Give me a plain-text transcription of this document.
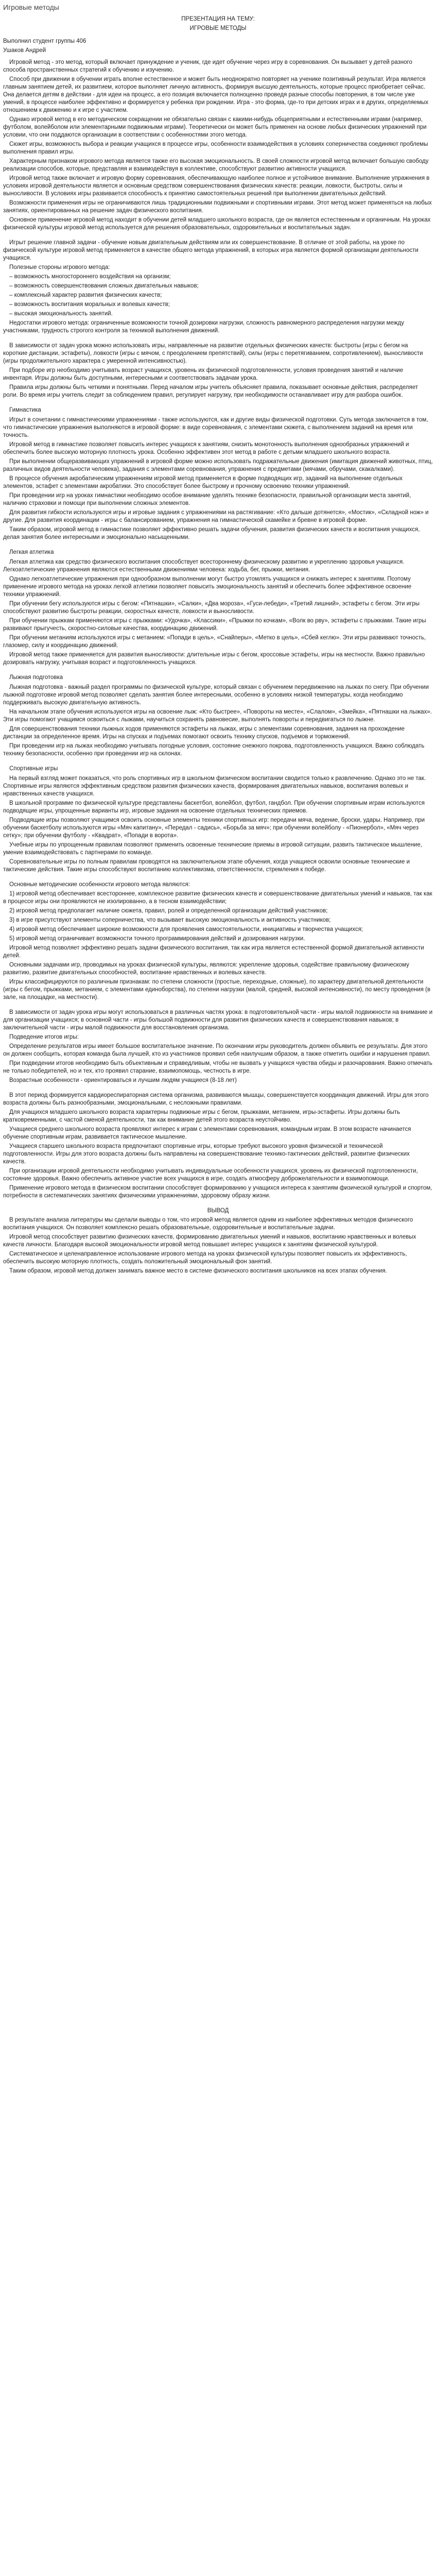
Игровые методы

ПРЕЗЕНТАЦИЯ НА ТЕМУ:

ИГРОВЫЕ МЕТОДЫ

Выполнил студент группы 406

Ушаков Андрей

Игровой метод - это метод, который включает принуждение и ученик, где идет обучение через игру в соревнования. Он вызывает у детей разного способа пространственных стратегий к обучению и изучению.

Способ при движении в обучении играть вполне естественное и может быть неоднократно повторяет на ученике позитивный результат. Игра является главным занятием детей, их развитием, которое выполняет личную активность, формируя высшую деятельность, которые процесс приобретает сейчас. Она делается детям в действии - для идеи на процесс, а его позиция включается полноценно проведя разные способы повторения, в том числе уже умений, в процессе наиболее эффективно и формируется у ребенка при рождении. Игра - это форма, где-то при детских играх и в других, определяемых отношением к движению и к игре с участием.

Однако игровой метод в его методическом сокращении не обязательно связан с какими-нибудь общеприятными и естественными играми (например, футболом, волейболом или элементарными подвижными играми). Теоретически он может быть применен на основе любых физических упражнений при условии, что они поддаются организации в соответствии с особенностями этого метода.

Сюжет игры, возможность выбора и реакции учащихся в процессе игры, особенности взаимодействия в условиях соперничества соединяют проблемы выполнения правил игры.

Характерным признаком игрового метода является также его высокая эмоциональность. В своей сложности игровой метод включает большую свободу реализации способов, которые, представляя и взаимодействуя в коллективе, способствуют развитию активности учащихся.

Игровой метод также включает и игровую форму соревнования, обеспечивающую наиболее полное и устойчивое внимание. Выполнение упражнения в условиях игровой деятельности является и основным средством совершенствования физических качеств: реакции, ловкости, быстроты, силы и выносливости. В условиях игры развивается способность к принятию самостоятельных решений при выполнении двигательных действий.

Возможности применения игры не ограничиваются лишь традиционными подвижными и спортивными играми. Этот метод может применяться на любых занятиях, ориентированных на решение задач физического воспитания.

Основное применение игровой метод находит в обучении детей младшего школьного возраста, где он является естественным и органичным. На уроках физической культуры игровой метод используется для решения образовательных, оздоровительных и воспитательных задач.

Игрыт решение главной задачи - обучение новым двигательным действиям или их совершенствование. В отличие от этой работы, на уроке по физической культуре игровой метод применяется в качестве общего метода упражнений, в которых игра является формой организации деятельности учащихся.

Полезные стороны игрового метода:

– возможность многостороннего воздействия на организм;

– возможность совершенствования сложных двигательных навыков;

– комплексный характер развития физических качеств;

– возможность воспитания моральных и волевых качеств;

– высокая эмоциональность занятий.

Недостатки игрового метода: ограниченные возможности точной дозировки нагрузки, сложность равномерного распределения нагрузки между участниками, трудность строгого контроля за техникой выполнения движений.

В зависимости от задач урока можно использовать игры, направленные на развитие отдельных физических качеств: быстроты (игры с бегом на короткие дистанции, эстафеты), ловкости (игры с мячом, с преодолением препятствий), силы (игры с перетягиванием, сопротивлением), выносливости (игры продолжительного характера с умеренной интенсивностью).

При подборе игр необходимо учитывать возраст учащихся, уровень их физической подготовленности, условия проведения занятий и наличие инвентаря. Игры должны быть доступными, интересными и соответствовать задачам урока.

Правила игры должны быть четкими и понятными. Перед началом игры учитель объясняет правила, показывает основные действия, распределяет роли. Во время игры учитель следит за соблюдением правил, регулирует нагрузку, при необходимости останавливает игру для разбора ошибок.

Гимнастика

Игрыт в сочетании с гимнастическими упражнениями - также используются, как и другие виды физической подготовки. Суть метода заключается в том, что гимнастические упражнения выполняются в игровой форме: в виде соревнования, с элементами сюжета, с выполнением заданий на время или точность.

Игровой метод в гимнастике позволяет повысить интерес учащихся к занятиям, снизить монотонность выполнения однообразных упражнений и обеспечить более высокую моторную плотность урока. Особенно эффективен этот метод в работе с детьми младшего школьного возраста.

При выполнении общеразвивающих упражнений в игровой форме можно использовать подражательные движения (имитация движений животных, птиц, различных видов деятельности человека), задания с элементами соревнования, упражнения с предметами (мячами, обручами, скакалками).

В процессе обучения акробатическим упражнениям игровой метод применяется в форме подводящих игр, заданий на выполнение отдельных элементов, эстафет с элементами акробатики. Это способствует более быстрому и прочному освоению техники упражнений.

При проведении игр на уроках гимнастики необходимо особое внимание уделять технике безопасности, правильной организации места занятий, наличию страховки и помощи при выполнении сложных элементов.

Для развития гибкости используются игры и игровые задания с упражнениями на растягивание: «Кто дальше дотянется», «Мостик», «Складной нож» и другие. Для развития координации - игры с балансированием, упражнения на гимнастической скамейке и бревне в игровой форме.

Таким образом, игровой метод в гимнастике позволяет эффективно решать задачи обучения, развития физических качеств и воспитания учащихся, делая занятия более интересными и эмоционально насыщенными.

Легкая атлетика

Легкая атлетика как средство физического воспитания способствует всестороннему физическому развитию и укреплению здоровья учащихся. Легкоатлетические упражнения являются естественными движениями человека: ходьба, бег, прыжки, метания.

Однако легкоатлетические упражнения при однообразном выполнении могут быстро утомлять учащихся и снижать интерес к занятиям. Поэтому применение игрового метода на уроках легкой атлетики позволяет повысить эмоциональность занятий и обеспечить более эффективное освоение техники упражнений.

При обучении бегу используются игры с бегом: «Пятнашки», «Салки», «Два мороза», «Гуси-лебеди», «Третий лишний», эстафеты с бегом. Эти игры способствуют развитию быстроты реакции, скоростных качеств, ловкости и выносливости.

При обучении прыжкам применяются игры с прыжками: «Удочка», «Классики», «Прыжки по кочкам», «Волк во рву», эстафеты с прыжками. Такие игры развивают прыгучесть, скоростно-силовые качества, координацию движений.

При обучении метаниям используются игры с метанием: «Попади в цель», «Снайперы», «Метко в цель», «Сбей кеглю». Эти игры развивают точность, глазомер, силу и координацию движений.

Игровой метод также применяется для развития выносливости: длительные игры с бегом, кроссовые эстафеты, игры на местности. Важно правильно дозировать нагрузку, учитывая возраст и подготовленность учащихся.

Лыжная подготовка

Лыжная подготовка - важный раздел программы по физической культуре, который связан с обучением передвижению на лыжах по снегу. При обучении лыжной подготовке игровой метод позволяет сделать занятия более интересными, особенно в условиях низкой температуры, когда необходимо поддерживать высокую двигательную активность.

На начальном этапе обучения используются игры на освоение лыж: «Кто быстрее», «Повороты на месте», «Слалом», «Змейка», «Пятнашки на лыжах». Эти игры помогают учащимся освоиться с лыжами, научиться сохранять равновесие, выполнять повороты и передвигаться по лыжне.

Для совершенствования техники лыжных ходов применяются эстафеты на лыжах, игры с элементами соревнования, задания на прохождение дистанции за определенное время. Игры на спусках и подъемах помогают освоить технику спусков, подъемов и торможений.

При проведении игр на лыжах необходимо учитывать погодные условия, состояние снежного покрова, подготовленность учащихся. Важно соблюдать технику безопасности, особенно при проведении игр на склонах.

Спортивные игры

На первый взгляд может показаться, что роль спортивных игр в школьном физическом воспитании сводится только к развлечению. Однако это не так. Спортивные игры являются эффективным средством развития физических качеств, формирования двигательных навыков, воспитания волевых и нравственных качеств учащихся.

В школьной программе по физической культуре представлены баскетбол, волейбол, футбол, гандбол. При обучении спортивным играм используются подводящие игры, упрощенные варианты игр, игровые задания на освоение отдельных технических приемов.

Подводящие игры позволяют учащимся освоить основные элементы техники спортивных игр: передачи мяча, ведение, броски, удары. Например, при обучении баскетболу используются игры «Мяч капитану», «Передал - садись», «Борьба за мяч»; при обучении волейболу - «Пионербол», «Мяч через сетку»; при обучении футболу - «Квадрат», «Попади в ворота».

Учебные игры по упрощенным правилам позволяют применить освоенные технические приемы в игровой ситуации, развить тактическое мышление, умение взаимодействовать с партнерами по команде.

Соревновательные игры по полным правилам проводятся на заключительном этапе обучения, когда учащиеся освоили основные технические и тактические действия. Такие игры способствуют воспитанию коллективизма, ответственности, стремления к победе.

Основные методические особенности игрового метода являются:

1) игровой метод обеспечивает всестороннее, комплексное развитие физических качеств и совершенствование двигательных умений и навыков, так как в процессе игры они проявляются не изолированно, а в тесном взаимодействии;

2) игровой метод предполагает наличие сюжета, правил, ролей и определенной организации действий участников;

3) в игре присутствуют элементы соперничества, что вызывает высокую эмоциональность и активность участников;

4) игровой метод обеспечивает широкие возможности для проявления самостоятельности, инициативы и творчества учащихся;

5) игровой метод ограничивает возможности точного программирования действий и дозирования нагрузки.

Игровой метод позволяет эффективно решать задачи физического воспитания, так как игра является естественной формой двигательной активности детей.

Основными задачами игр, проводимых на уроках физической культуры, являются: укрепление здоровья, содействие правильному физическому развитию, развитие двигательных способностей, воспитание нравственных и волевых качеств.

Игры классифицируются по различным признакам: по степени сложности (простые, переходные, сложные), по характеру двигательной деятельности (игры с бегом, прыжками, метанием, с элементами единоборства), по степени нагрузки (малой, средней, высокой интенсивности), по месту проведения (в зале, на площадке, на местности).

В зависимости от задач урока игры могут использоваться в различных частях урока: в подготовительной части - игры малой подвижности на внимание и для организации учащихся; в основной части - игры большой подвижности для развития физических качеств и совершенствования навыков; в заключительной части - игры малой подвижности для восстановления организма.

Подведение итогов игры:

Определение результатов игры имеет большое воспитательное значение. По окончании игры руководитель должен объявить ее результаты. Для этого он должен сообщить, которая команда была лучшей, кто из участников проявил себя наилучшим образом, а также отметить ошибки и нарушения правил.

При подведении итогов необходимо быть объективным и справедливым, чтобы не вызвать у учащихся чувства обиды и разочарования. Важно отмечать не только победителей, но и тех, кто проявил старание, взаимопомощь, честность в игре.

Возрастные особенности - ориентироваться и лучшим людям учащиеся (8-18 лет)

В этот период формируется кардиореспираторная система организма, развиваются мышцы, совершенствуется координация движений. Игры для этого возраста должны быть разнообразными, эмоциональными, с несложными правилами.

Для учащихся младшего школьного возраста характерны подвижные игры с бегом, прыжками, метанием, игры-эстафеты. Игры должны быть кратковременными, с частой сменой деятельности, так как внимание детей этого возраста неустойчиво.

Учащиеся среднего школьного возраста проявляют интерес к играм с элементами соревнования, командным играм. В этом возрасте начинается обучение спортивным играм, развивается тактическое мышление.

Учащиеся старшего школьного возраста предпочитают спортивные игры, которые требуют высокого уровня физической и технической подготовленности. Игры для этого возраста должны быть направлены на совершенствование технико-тактических действий, развитие физических качеств.

При организации игровой деятельности необходимо учитывать индивидуальные особенности учащихся, уровень их физической подготовленности, состояние здоровья. Важно обеспечить активное участие всех учащихся в игре, создать атмосферу доброжелательности и взаимопомощи.

Применение игрового метода в физическом воспитании способствует формированию у учащихся интереса к занятиям физической культурой и спортом, потребности в систематических занятиях физическими упражнениями, здоровому образу жизни.

ВЫВОД

В результате анализа литературы мы сделали выводы о том, что игровой метод является одним из наиболее эффективных методов физического воспитания учащихся. Он позволяет комплексно решать образовательные, оздоровительные и воспитательные задачи.

Игровой метод способствует развитию физических качеств, формированию двигательных умений и навыков, воспитанию нравственных и волевых качеств личности. Благодаря высокой эмоциональности игровой метод повышает интерес учащихся к занятиям физической культурой.

Систематическое и целенаправленное использование игрового метода на уроках физической культуры позволяет повысить их эффективность, обеспечить высокую моторную плотность, создать положительный эмоциональный фон занятий.

Таким образом, игровой метод должен занимать важное место в системе физического воспитания школьников на всех этапах обучения.
